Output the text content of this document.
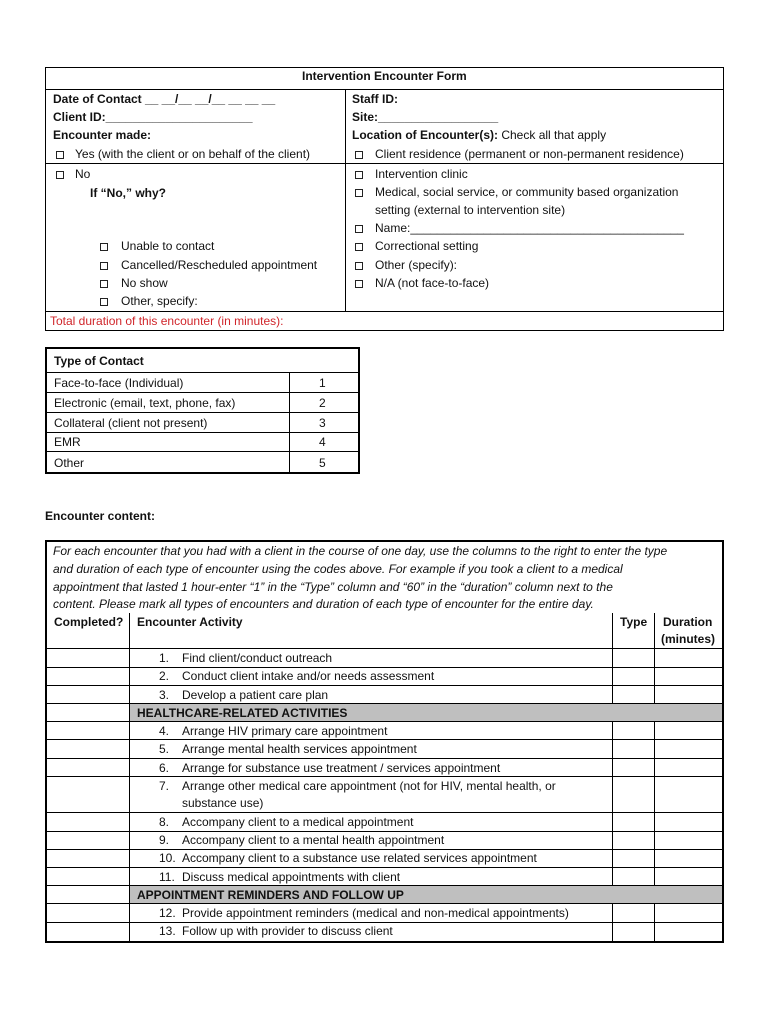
Intervention Encounter Form
Date of Contact __ __/__ __/__ __ __ __
Client ID:______________________
Encounter made:
Yes (with the client or on behalf of the client)
No
If “No,” why?
Unable to contact
Cancelled/Rescheduled appointment
No show
Other, specify:
Total duration of this encounter (in minutes):
Staff ID:
Site:__________________
Location of Encounter(s): Check all that apply
Client residence (permanent or non-permanent residence)
Intervention clinic
Medical, social service, or community based organization
setting (external to intervention site)
Name:_________________________________________
Correctional setting
Other (specify):
N/A (not face-to-face)
Type of Contact
Face-to-face (Individual)	1
Electronic (email, text, phone, fax)	2
Collateral (client not present)	3
EMR	4
Other	5
Encounter content:
For each encounter that you had with a client in the course of one day, use the columns to the right to enter the type
and duration of each type of encounter using the codes above. For example if you took a client to a medical
appointment that lasted 1 hour-enter “1” in the “Type” column and “60” in the “duration” column next to the
content. Please mark all types of encounters and duration of each type of encounter for the entire day.
Completed? Encounter Activity	Type Duration
(minutes)
1. Find client/conduct outreach
2. Conduct client intake and/or needs assessment
3. Develop a patient care plan
HEALTHCARE-RELATED ACTIVITIES
4. Arrange HIV primary care appointment
5. Arrange mental health services appointment
6. Arrange for substance use treatment / services appointment
7. Arrange other medical care appointment (not for HIV, mental health, or
substance use)
8. Accompany client to a medical appointment
9. Accompany client to a mental health appointment
10. Accompany client to a substance use related services appointment
11. Discuss medical appointments with client
APPOINTMENT REMINDERS AND FOLLOW UP
12. Provide appointment reminders (medical and non-medical appointments)
13. Follow up with provider to discuss client
